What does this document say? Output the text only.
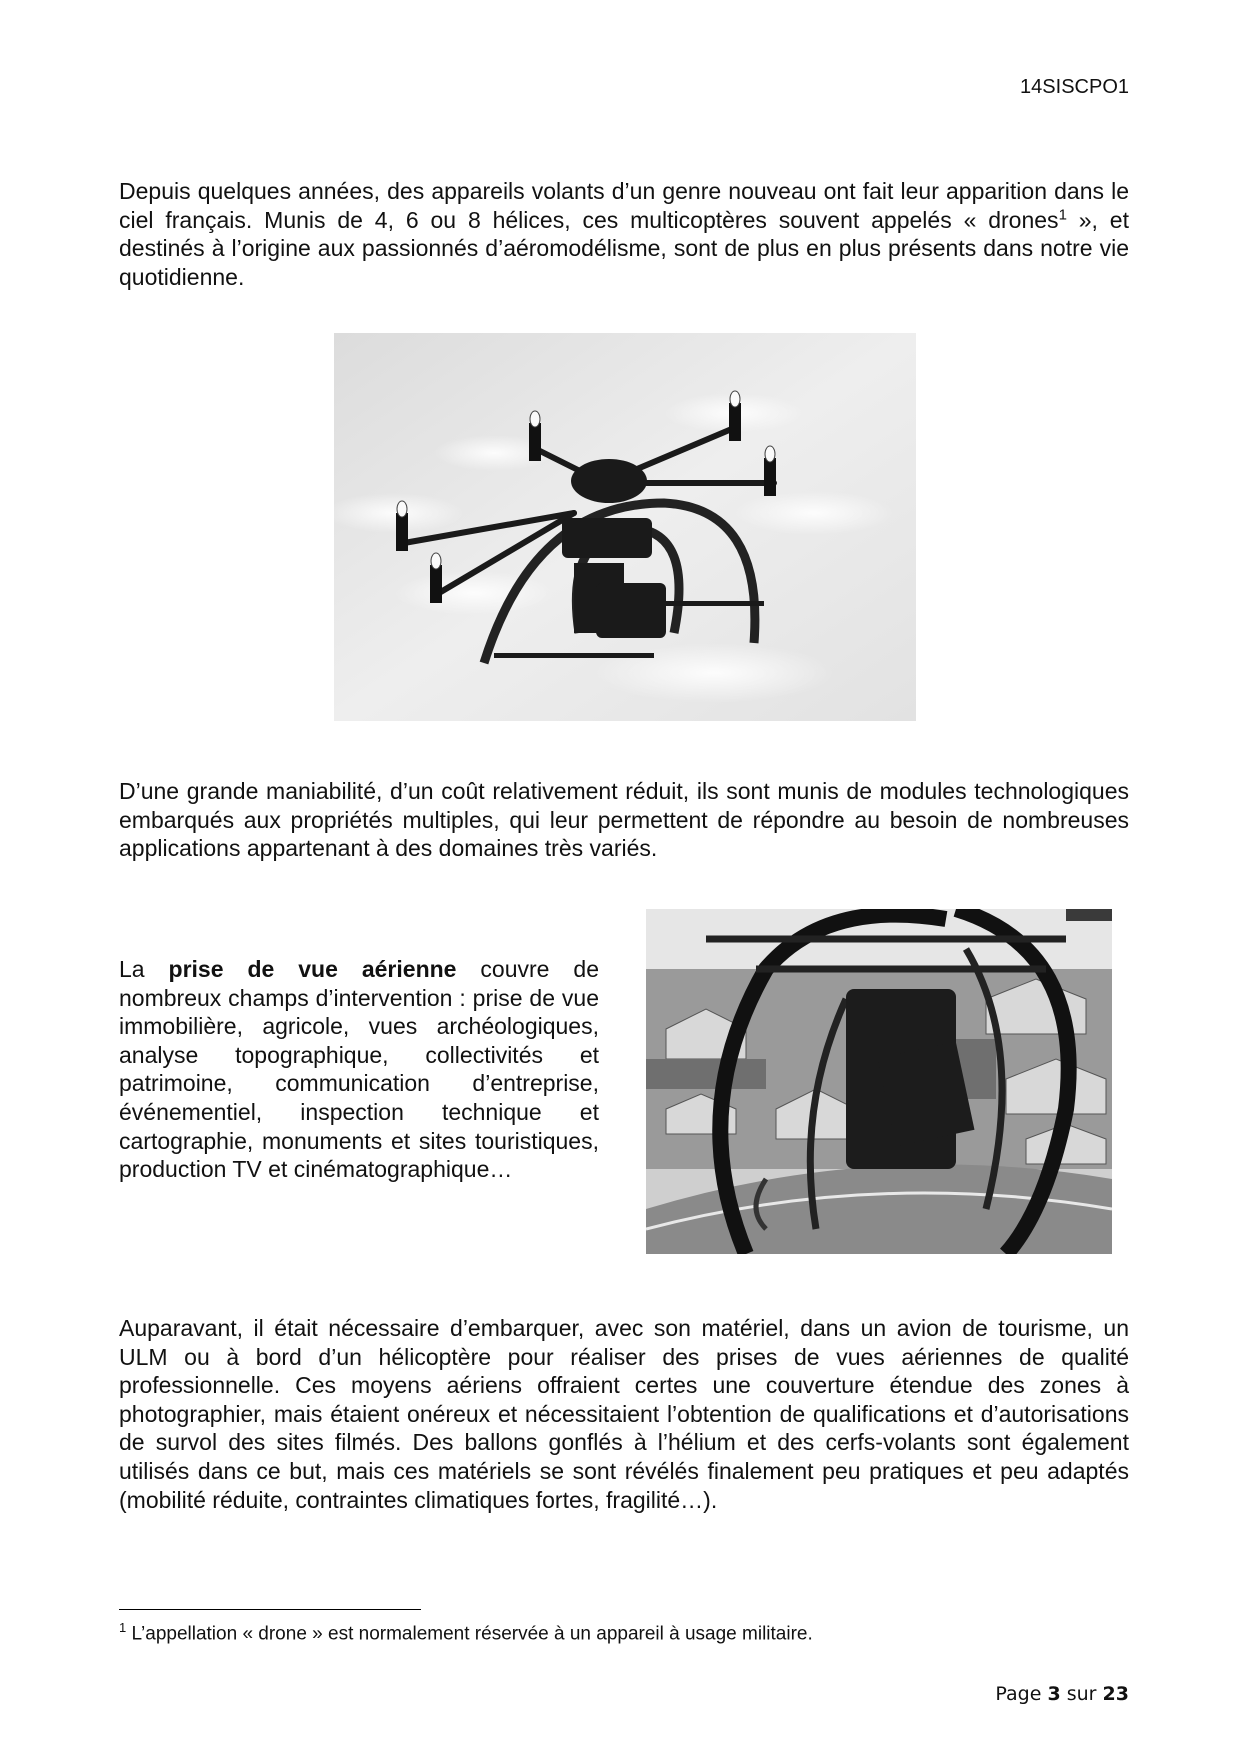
14SISCPO1

Depuis quelques années, des appareils volants d’un genre nouveau ont fait leur apparition dans le ciel français. Munis de 4, 6 ou 8 hélices, ces multicoptères souvent appelés « drones$^1$ », et destinés à l’origine aux passionnés d’aéromodélisme, sont de plus en plus présents dans notre vie quotidienne.

D’une grande maniabilité, d’un coût relativement réduit, ils sont munis de modules technologiques embarqués aux propriétés multiples, qui leur permettent de répondre au besoin de nombreuses applications appartenant à des domaines très variés.

La prise de vue aérienne couvre de nombreux champs d’intervention : prise de vue immobilière, agricole, vues archéologiques, analyse topographique, collectivités et patrimoine, communication d’entreprise, événementiel, inspection technique et cartographie, monuments et sites touristiques, production TV et cinématographique…

Auparavant, il était nécessaire d’embarquer, avec son matériel, dans un avion de tourisme, un ULM ou à bord d’un hélicoptère pour réaliser des prises de vues aériennes de qualité professionnelle. Ces moyens aériens offraient certes une couverture étendue des zones à photographier, mais étaient onéreux et nécessitaient l’obtention de qualifications et d’autorisations de survol des sites filmés. Des ballons gonflés à l’hélium et des cerfs-volants sont également utilisés dans ce but, mais ces matériels se sont révélés finalement peu pratiques et peu adaptés (mobilité réduite, contraintes climatiques fortes, fragilité…).

$^1$ L’appellation « drone » est normalement réservée à un appareil à usage militaire.
Page 3 sur 23
